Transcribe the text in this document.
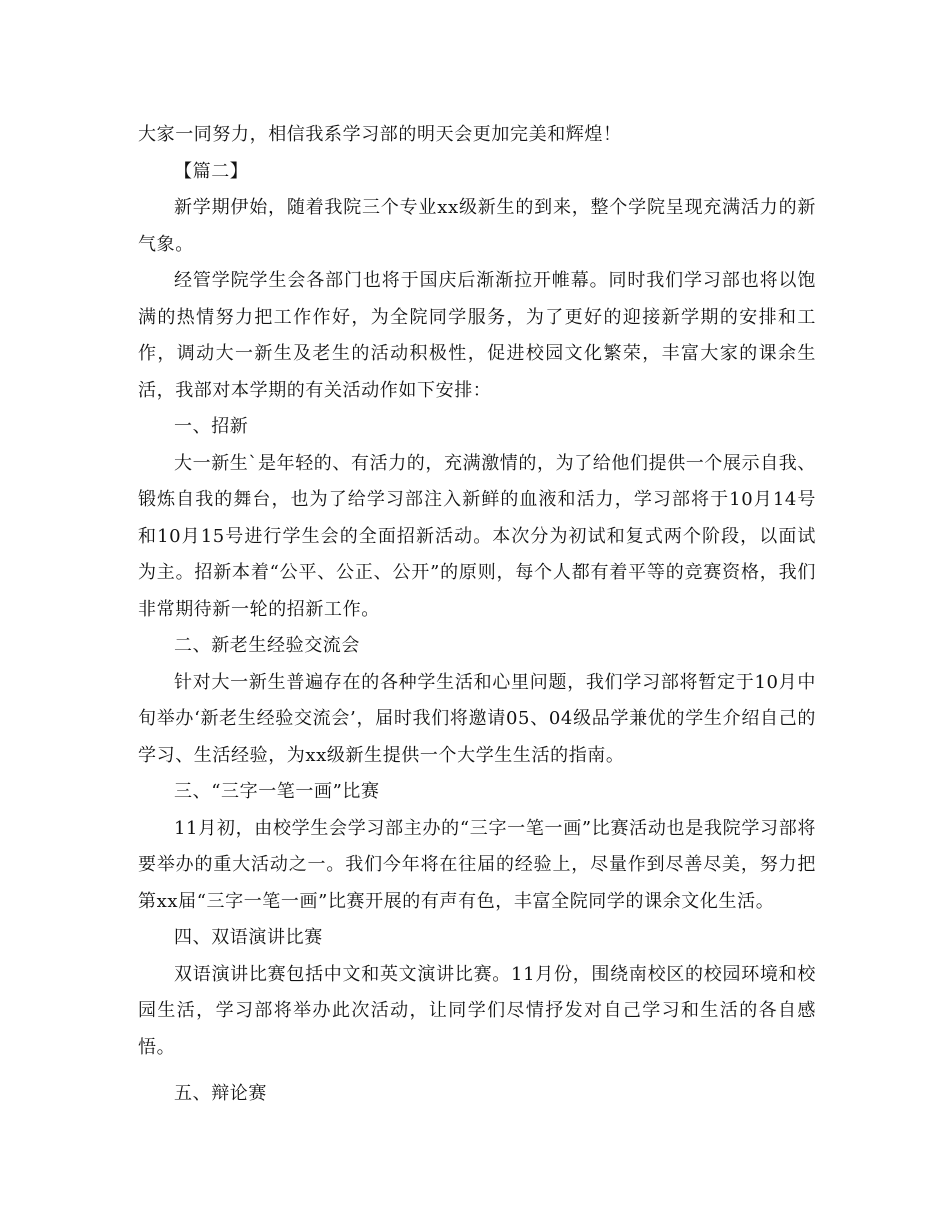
大家一同努力，相信我系学习部的明天会更加完美和辉煌！

【篇二】

新学期伊始，随着我院三个专业xx级新生的到来，整个学院呈现充满活力的新气象。

经管学院学生会各部门也将于国庆后渐渐拉开帷幕。同时我们学习部也将以饱满的热情努力把工作作好，为全院同学服务，为了更好的迎接新学期的安排和工作，调动大一新生及老生的活动积极性，促进校园文化繁荣，丰富大家的课余生活，我部对本学期的有关活动作如下安排：

一、招新

大一新生`是年轻的、有活力的，充满激情的，为了给他们提供一个展示自我、锻炼自我的舞台，也为了给学习部注入新鲜的血液和活力，学习部将于10月14号和10月15号进行学生会的全面招新活动。本次分为初试和复式两个阶段，以面试为主。招新本着“公平、公正、公开”的原则，每个人都有着平等的竞赛资格，我们非常期待新一轮的招新工作。

二、新老生经验交流会

针对大一新生普遍存在的各种学生活和心里问题，我们学习部将暂定于10月中旬举办‘新老生经验交流会’，届时我们将邀请05、04级品学兼优的学生介绍自己的学习、生活经验，为xx级新生提供一个大学生生活的指南。

三、“三字一笔一画”比赛

11月初，由校学生会学习部主办的“三字一笔一画”比赛活动也是我院学习部将要举办的重大活动之一。我们今年将在往届的经验上，尽量作到尽善尽美，努力把第xx届“三字一笔一画”比赛开展的有声有色，丰富全院同学的课余文化生活。

四、双语演讲比赛

双语演讲比赛包括中文和英文演讲比赛。11月份，围绕南校区的校园环境和校园生活，学习部将举办此次活动，让同学们尽情抒发对自己学习和生活的各自感悟。

五、辩论赛
